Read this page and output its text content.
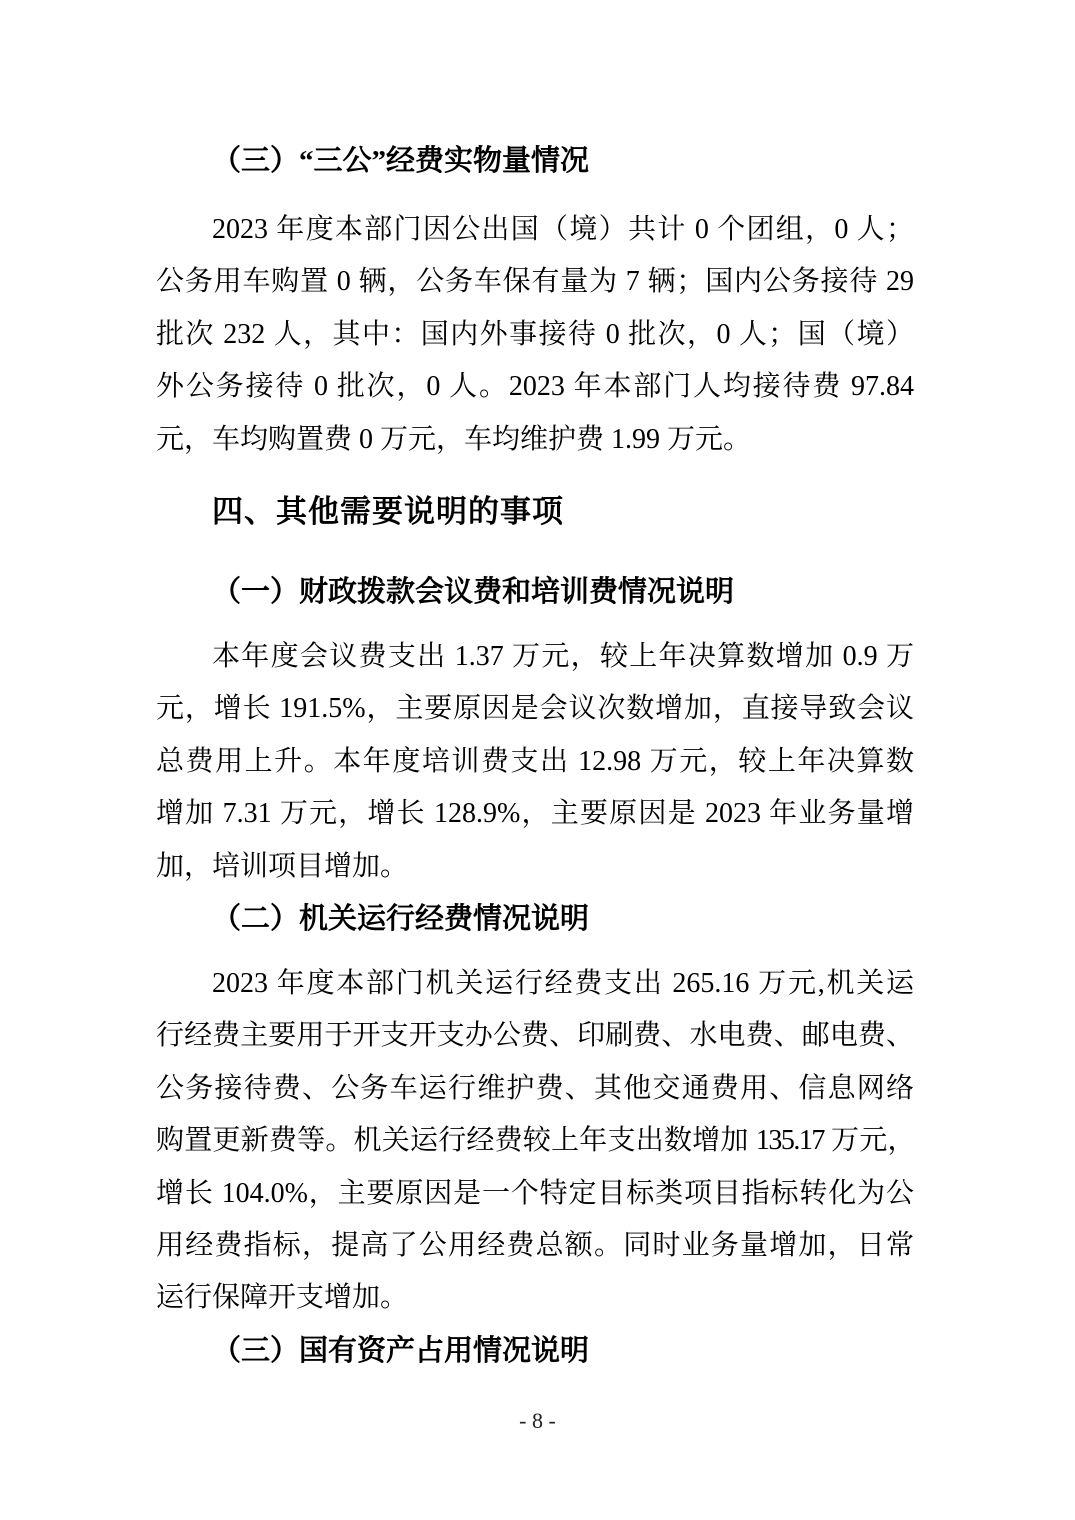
（三）“三公”经费实物量情况
2023 年度本部门因公出国（境）共计 0 个团组，0 人；
公务用车购置 0 辆，公务车保有量为 7 辆；国内公务接待 29
批次 232 人，其中：国内外事接待 0 批次，0 人；国（境）
外公务接待 0 批次，0 人。2023 年本部门人均接待费 97.84
元，车均购置费 0 万元，车均维护费 1.99 万元。
四、其他需要说明的事项
（一）财政拨款会议费和培训费情况说明
本年度会议费支出 1.37 万元，较上年决算数增加 0.9 万
元，增长 191.5%，主要原因是会议次数增加，直接导致会议
总费用上升。本年度培训费支出 12.98 万元，较上年决算数
增加 7.31 万元，增长 128.9%，主要原因是 2023 年业务量增
加，培训项目增加。
（二）机关运行经费情况说明
2023 年度本部门机关运行经费支出 265.16 万元,机关运
行经费主要用于开支开支办公费、印刷费、水电费、邮电费、
公务接待费、公务车运行维护费、其他交通费用、信息网络
购置更新费等。机关运行经费较上年支出数增加 135.17 万元，
增长 104.0%，主要原因是一个特定目标类项目指标转化为公
用经费指标，提高了公用经费总额。同时业务量增加，日常
运行保障开支增加。
（三）国有资产占用情况说明
- 8 -
